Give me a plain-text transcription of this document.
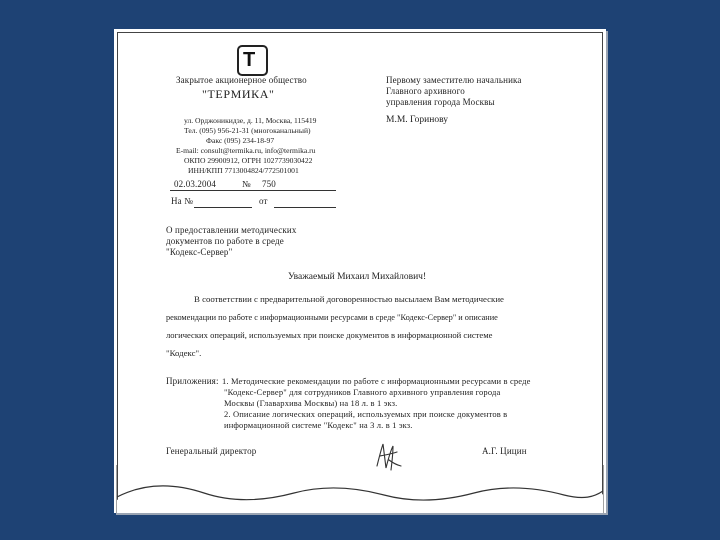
T
Закрытое акционерное общество
"ТЕРМИКА"
ул. Орджоникидзе, д. 11, Москва, 115419
Тел. (095) 956-21-31 (многоканальный)
Факс (095) 234-18-97
E-mail: consult@termika.ru, info@termika.ru
ОКПО 29900912, ОГРН 1027739030422
ИНН/КПП 7713004824/772501001
Первому заместителю начальника
Главного архивного
управления города Москвы
М.М. Горинову
02.03.2004	№ 750
На №	от
О предоставлении методических
документов по работе в среде
"Кодекс-Сервер"
Уважаемый Михаил Михайлович!
В соответствии с предварительной договоренностью высылаем Вам методические
рекомендации по работе с информационными ресурсами в среде "Кодекс-Сервер" и описание
логических операций, используемых при поиске документов в информационной системе
"Кодекс".
Приложения: 1. Методические рекомендации по работе с информационными ресурсами в среде
"Кодекс-Сервер" для сотрудников Главного архивного управления города
Москвы (Главархива Москвы) на 18 л. в 1 экз.
2. Описание логических операций, используемых при поиске документов в
информационной системе "Кодекс" на 3 л. в 1 экз.
Генеральный директор	А.Г. Цицин
